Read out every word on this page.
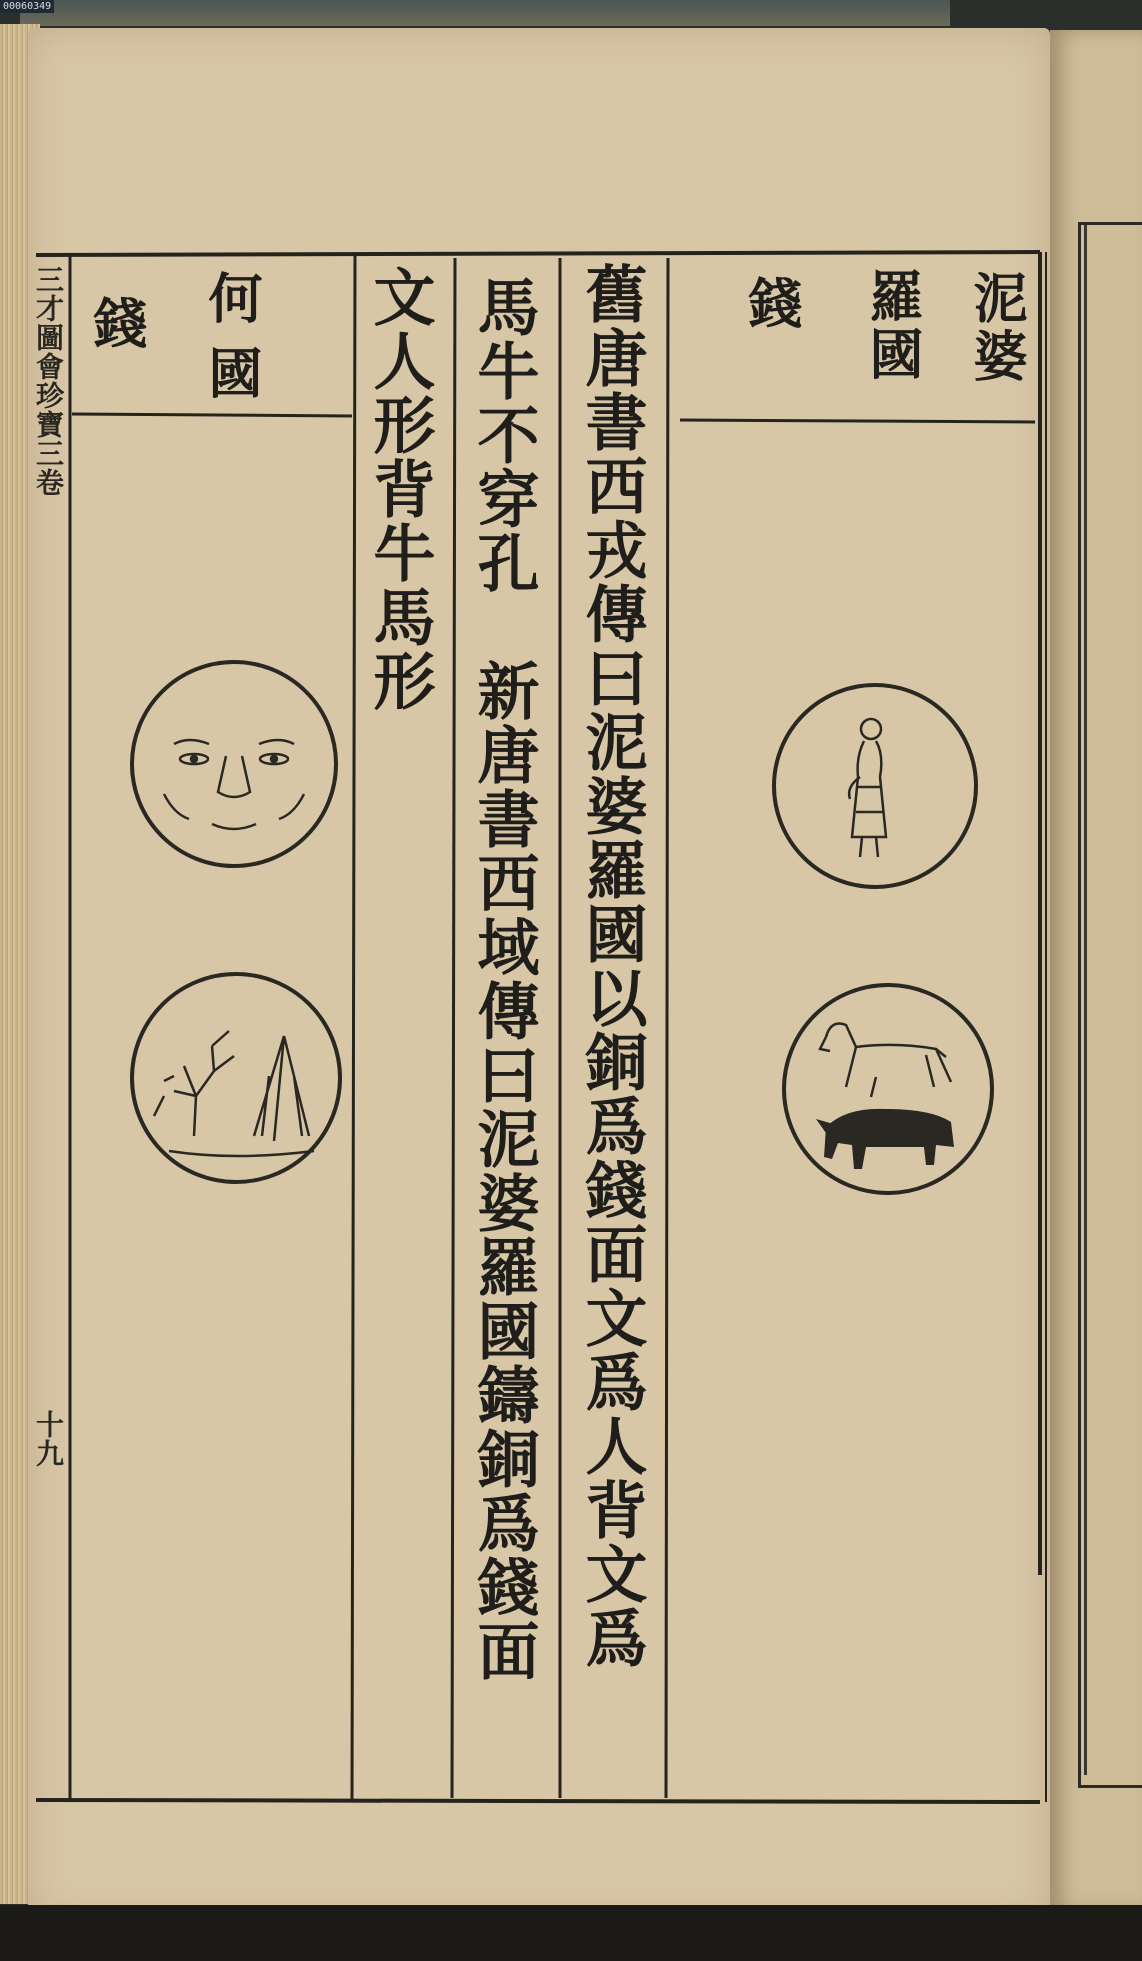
00060349
三才圖會珍寶三卷
十九
泥婆
羅國
錢
舊唐書西戎傳曰泥婆羅國以銅爲錢面文爲人背文爲
馬牛不穿孔　新唐書西域傳曰泥婆羅國鑄銅爲錢面
文人形背牛馬形
何
國
錢
